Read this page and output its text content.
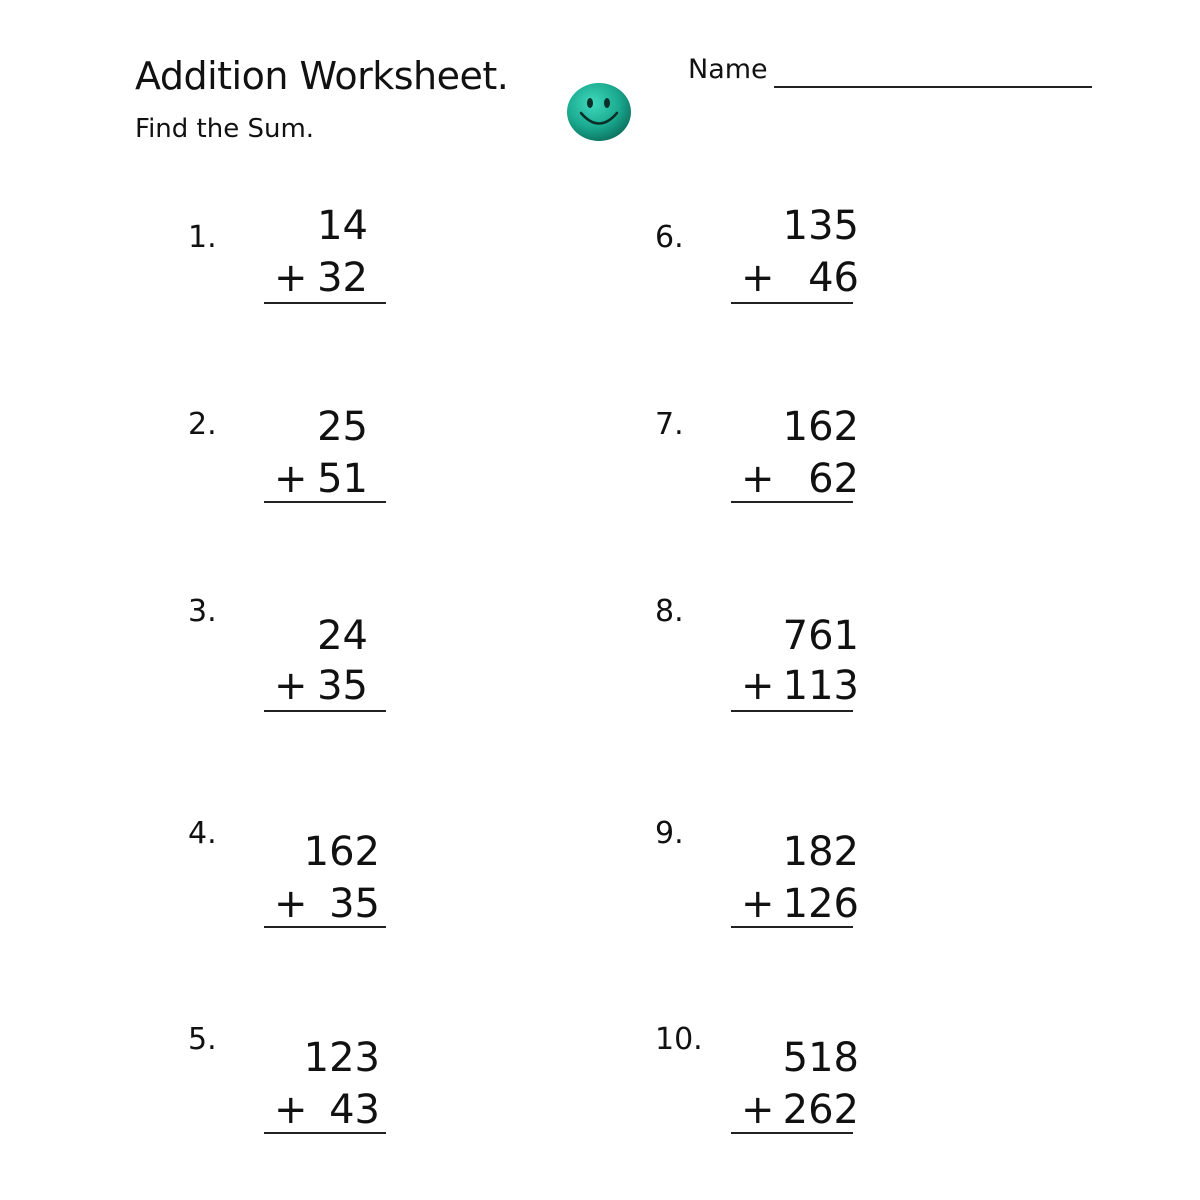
Addition Worksheet.
Find the Sum.
Name
1.	14
+ 32
2.	25
+ 51
3.
24
+ 35
4.	162
+ 35
5.	123
+ 43
6.	135
+ 46
7.	162
+ 62
8.
761
+ 113
9.	182
+ 126
10.	518
+ 262
